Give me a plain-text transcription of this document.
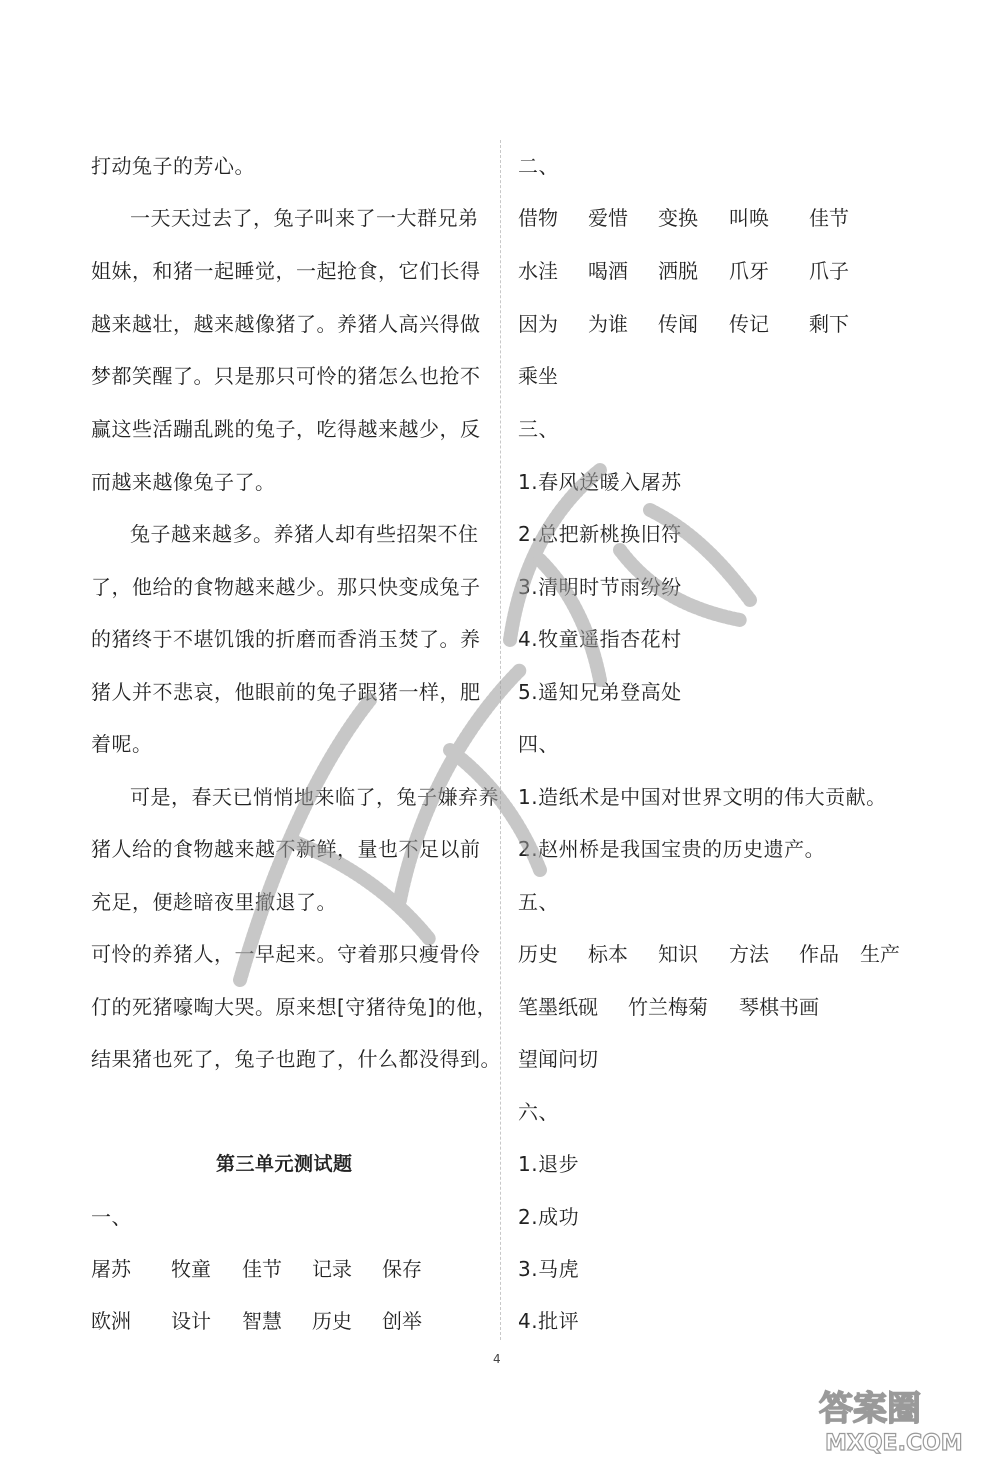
打动兔子的芳心。
一天天过去了，兔子叫来了一大群兄弟
姐妹，和猪一起睡觉，一起抢食，它们长得
越来越壮，越来越像猪了。养猪人高兴得做
梦都笑醒了。只是那只可怜的猪怎么也抢不
赢这些活蹦乱跳的兔子，吃得越来越少，反
而越来越像兔子了。
兔子越来越多。养猪人却有些招架不住
了，他给的食物越来越少。那只快变成兔子
的猪终于不堪饥饿的折磨而香消玉焚了。养
猪人并不悲哀，他眼前的兔子跟猪一样，肥
着呢。
可是，春天已悄悄地来临了，兔子嫌弃养
猪人给的食物越来越不新鲜，量也不足以前
充足，便趁暗夜里撤退了。
可怜的养猪人，一早起来。守着那只瘦骨伶
仃的死猪嚎啕大哭。原来想[守猪待兔]的他，
结果猪也死了，兔子也跑了，什么都没得到。
第三单元测试题
一、
屠苏 牧童 佳节 记录 保存
欧洲 设计 智慧 历史 创举
二、
借物 爱惜 变换 叫唤 佳节
水洼 喝酒 洒脱 爪牙 爪子
因为 为谁 传闻 传记 剩下
乘坐
三、
1.春风送暖入屠苏
2.总把新桃换旧符
3.清明时节雨纷纷
4.牧童遥指杏花村
5.遥知兄弟登高处
四、
1.造纸术是中国对世界文明的伟大贡献。
2.赵州桥是我国宝贵的历史遗产。
五、
历史 标本 知识 方法 作品 生产
笔墨纸砚 竹兰梅菊 琴棋书画
望闻问切
六、
1.退步
2.成功
3.马虎
4.批评
4
答案圈
MXQE.COM
